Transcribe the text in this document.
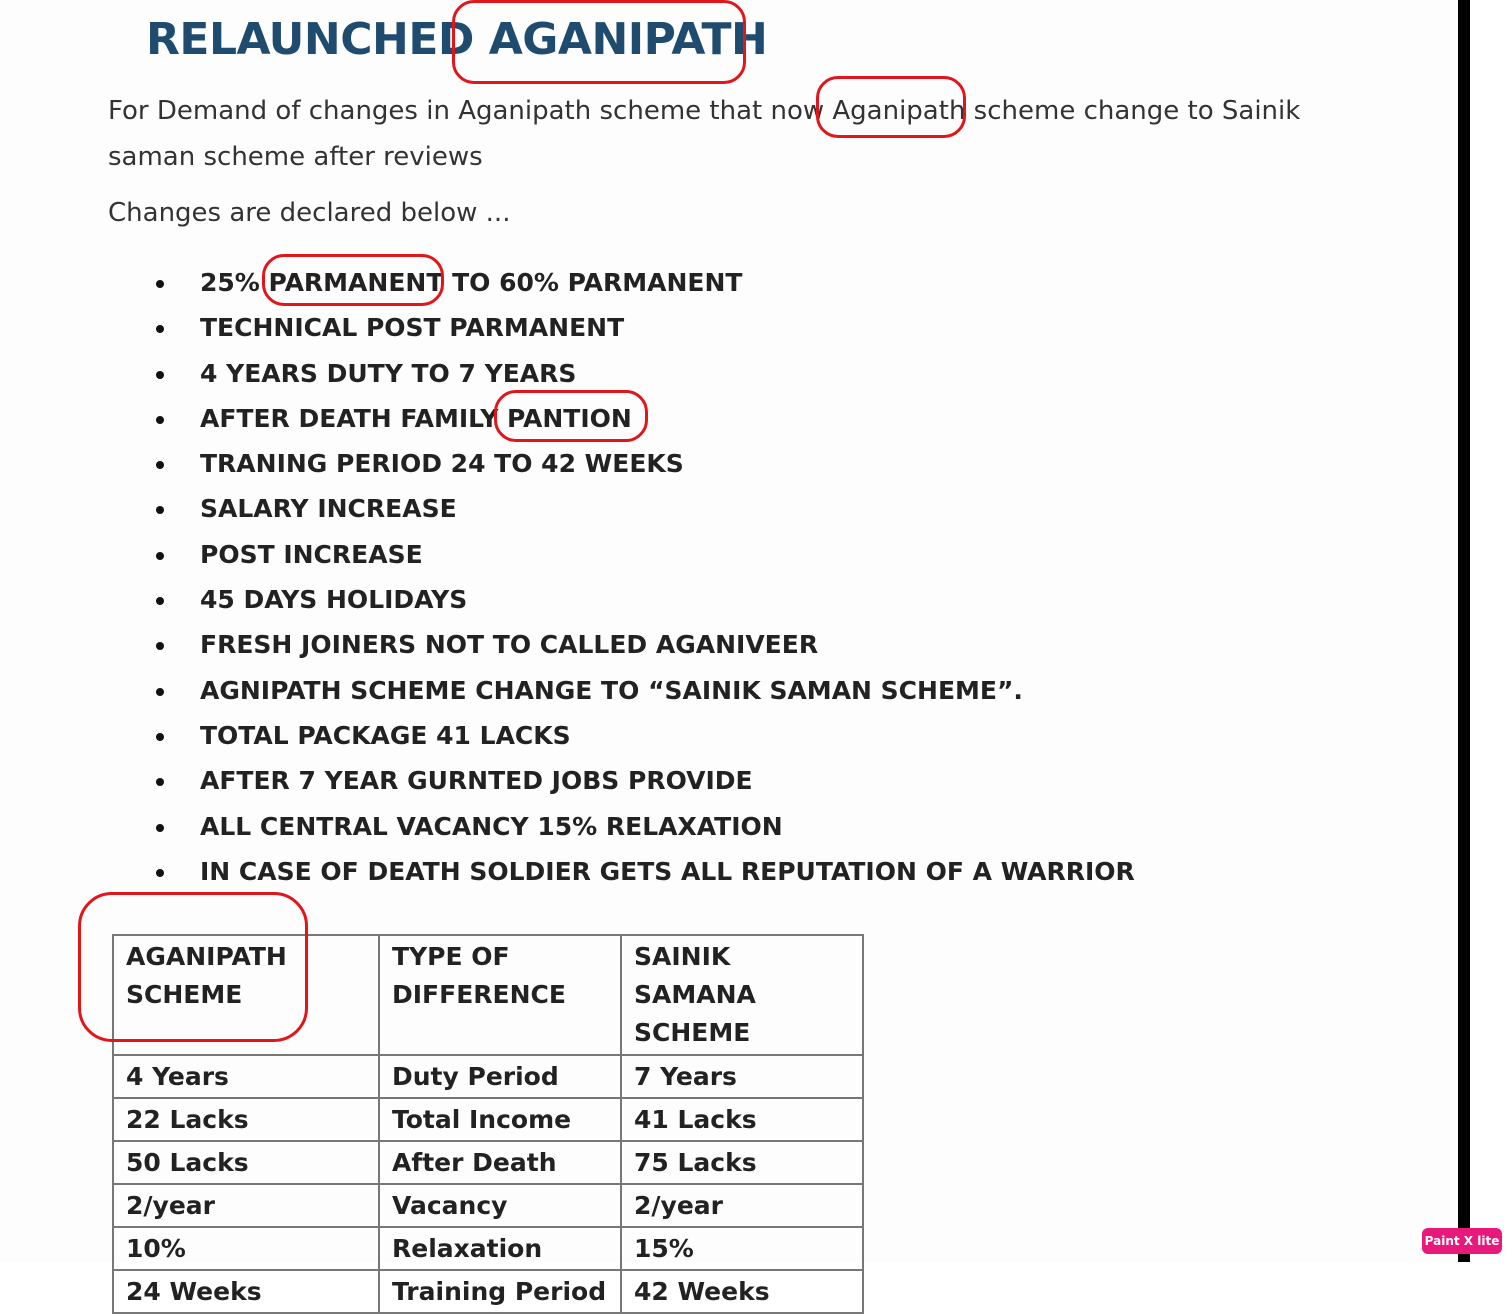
RELAUNCHED AGANIPATH
For Demand of changes in Aganipath scheme that now Aganipath scheme change to Sainik saman scheme after reviews
Changes are declared below ...
25% PARMANENT TO 60% PARMANENT
TECHNICAL POST PARMANENT
4 YEARS DUTY TO 7 YEARS
AFTER DEATH FAMILY PANTION
TRANING PERIOD 24 TO 42 WEEKS
SALARY INCREASE
POST INCREASE
45 DAYS HOLIDAYS
FRESH JOINERS NOT TO CALLED AGANIVEER
AGNIPATH SCHEME CHANGE TO “SAINIK SAMAN SCHEME”.
TOTAL PACKAGE 41 LACKS
AFTER 7 YEAR GURNTED JOBS PROVIDE
ALL CENTRAL VACANCY 15% RELAXATION
IN CASE OF DEATH SOLDIER GETS ALL REPUTATION OF A WARRIOR
AGANIPATH SCHEME	TYPE OF DIFFERENCE	SAINIK SAMANA SCHEME
4 Years	Duty Period	7 Years
22 Lacks	Total Income	41 Lacks
50 Lacks	After Death	75 Lacks
2/year	Vacancy	2/year
10%	Relaxation	15%
24 Weeks	Training Period	42 Weeks
Paint X lite
